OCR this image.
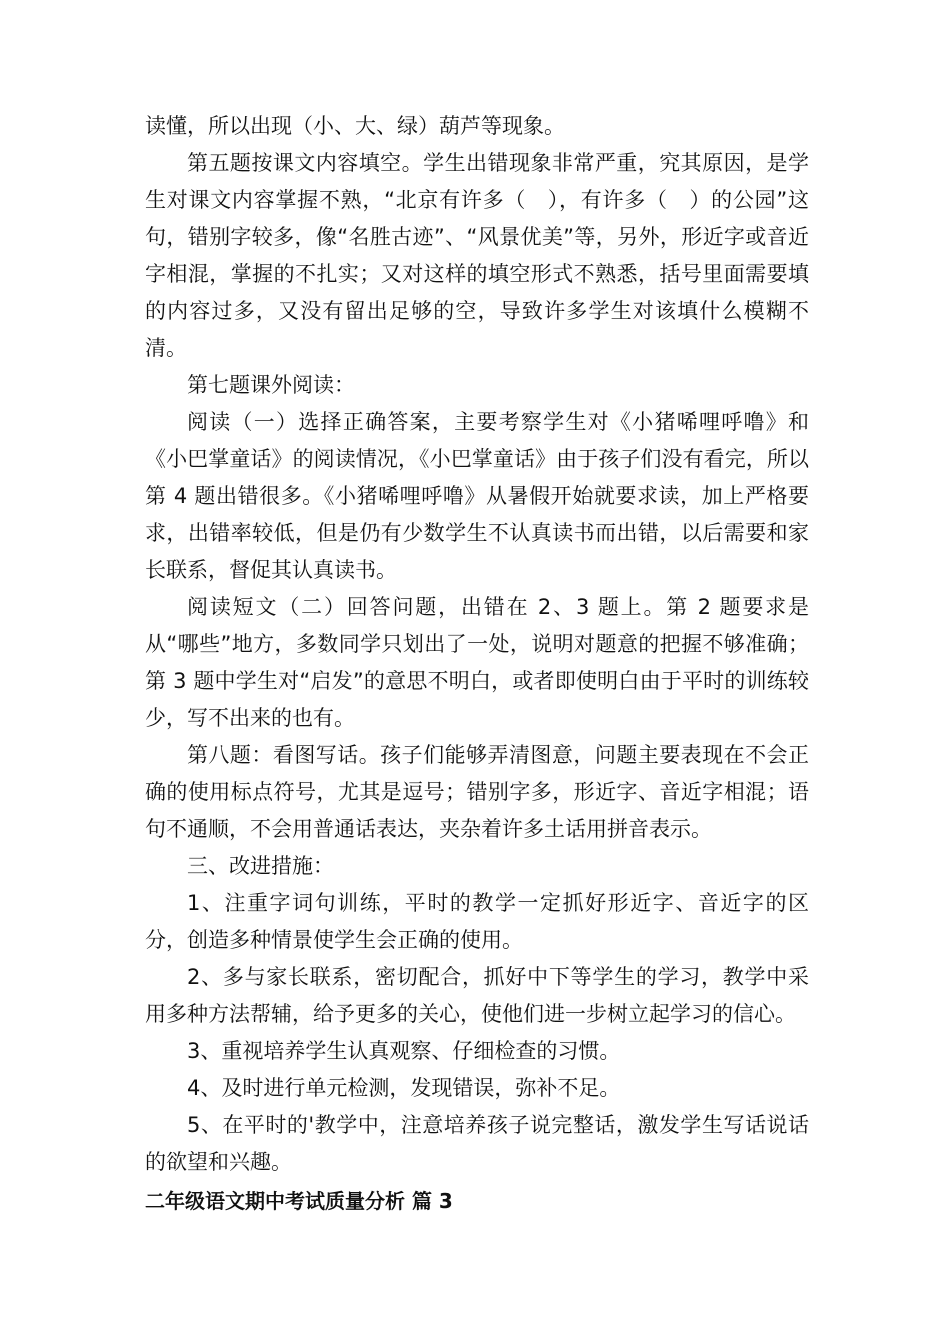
读懂，所以出现（小、大、绿）葫芦等现象。

第五题按课文内容填空。学生出错现象非常严重，究其原因，是学生对课文内容掌握不熟，“北京有许多（　），有许多（　）的公园”这句，错别字较多，像“名胜古迹”、“风景优美”等，另外，形近字或音近字相混，掌握的不扎实；又对这样的填空形式不熟悉，括号里面需要填的内容过多，又没有留出足够的空，导致许多学生对该填什么模糊不清。

第七题课外阅读：

阅读（一）选择正确答案，主要考察学生对《小猪唏哩呼噜》和《小巴掌童话》的阅读情况，《小巴掌童话》由于孩子们没有看完，所以第 4 题出错很多。《小猪唏哩呼噜》从暑假开始就要求读，加上严格要求，出错率较低，但是仍有少数学生不认真读书而出错，以后需要和家长联系，督促其认真读书。

阅读短文（二）回答问题，出错在 2、3 题上。第 2 题要求是从“哪些”地方，多数同学只划出了一处，说明对题意的把握不够准确；第 3 题中学生对“启发”的意思不明白，或者即使明白由于平时的训练较少，写不出来的也有。

第八题：看图写话。孩子们能够弄清图意，问题主要表现在不会正确的使用标点符号，尤其是逗号；错别字多，形近字、音近字相混；语句不通顺，不会用普通话表达，夹杂着许多土话用拼音表示。

三、改进措施：

1、注重字词句训练，平时的教学一定抓好形近字、音近字的区分，创造多种情景使学生会正确的使用。

2、多与家长联系，密切配合，抓好中下等学生的学习，教学中采用多种方法帮辅，给予更多的关心，使他们进一步树立起学习的信心。

3、重视培养学生认真观察、仔细检查的习惯。

4、及时进行单元检测，发现错误，弥补不足。

5、在平时的'教学中，注意培养孩子说完整话，激发学生写话说话的欲望和兴趣。

二年级语文期中考试质量分析 篇 3
